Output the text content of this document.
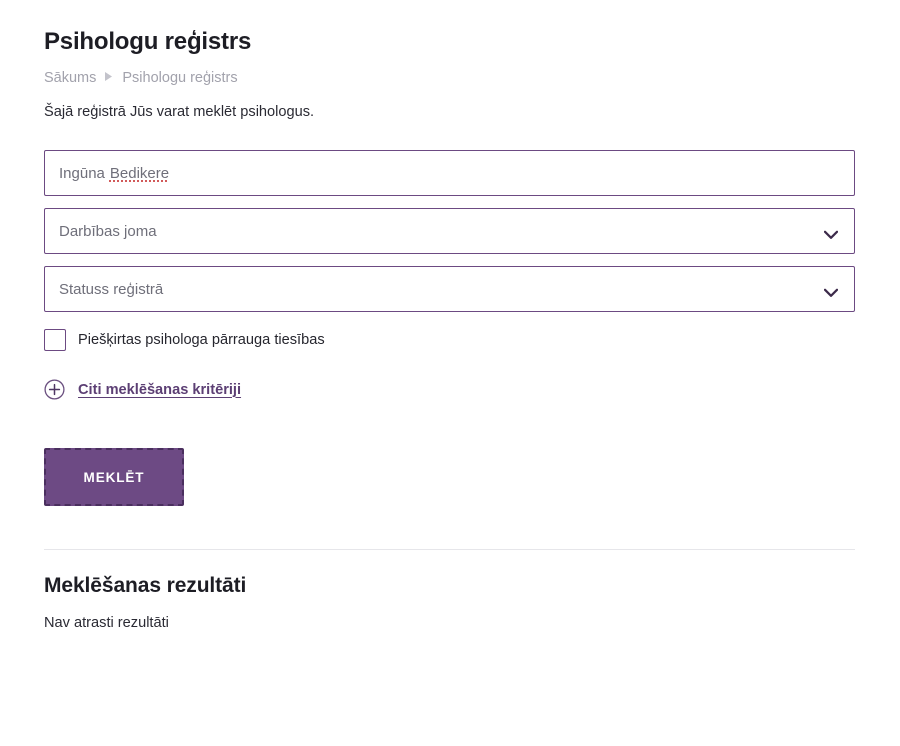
Psihologu reģistrs
Sākums Psihologu reģistrs

Šajā reģistrā Jūs varat meklēt psihologus.

Ingūna Bedikere
Darbības joma
Statuss reģistrā
Piešķirtas psihologa pārrauga tiesības
Citi meklēšanas kritēriji
MEKLĒT
Meklēšanas rezultāti

Nav atrasti rezultāti
